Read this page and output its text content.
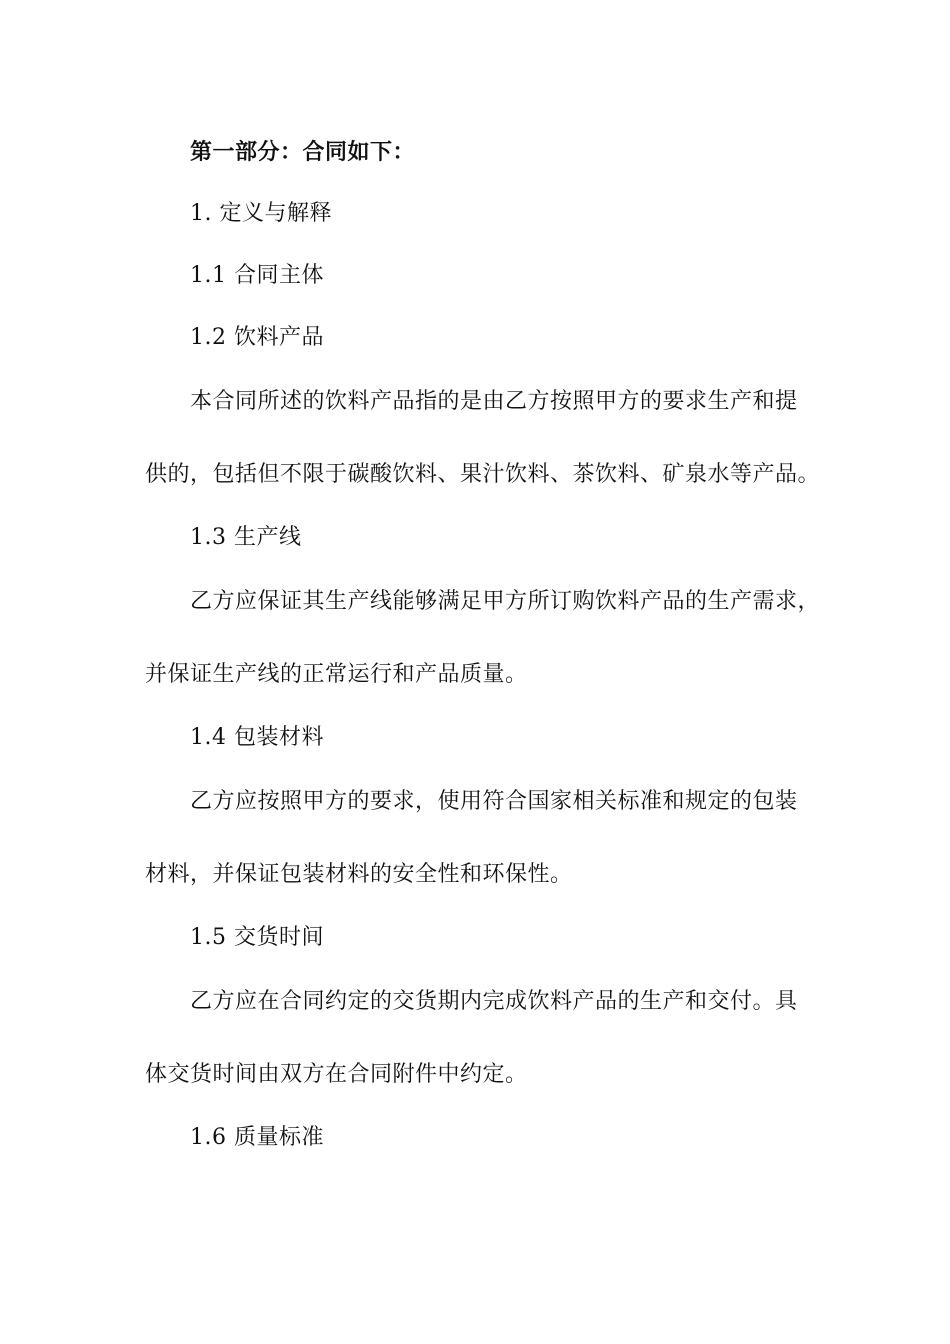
第一部分：合同如下：
1. 定义与解释
1.1 合同主体
1.2 饮料产品
本合同所述的饮料产品指的是由乙方按照甲方的要求生产和提
供的，包括但不限于碳酸饮料、果汁饮料、茶饮料、矿泉水等产品。
1.3 生产线
乙方应保证其生产线能够满足甲方所订购饮料产品的生产需求，
并保证生产线的正常运行和产品质量。
1.4 包装材料
乙方应按照甲方的要求，使用符合国家相关标准和规定的包装
材料，并保证包装材料的安全性和环保性。
1.5 交货时间
乙方应在合同约定的交货期内完成饮料产品的生产和交付。具
体交货时间由双方在合同附件中约定。
1.6 质量标准
